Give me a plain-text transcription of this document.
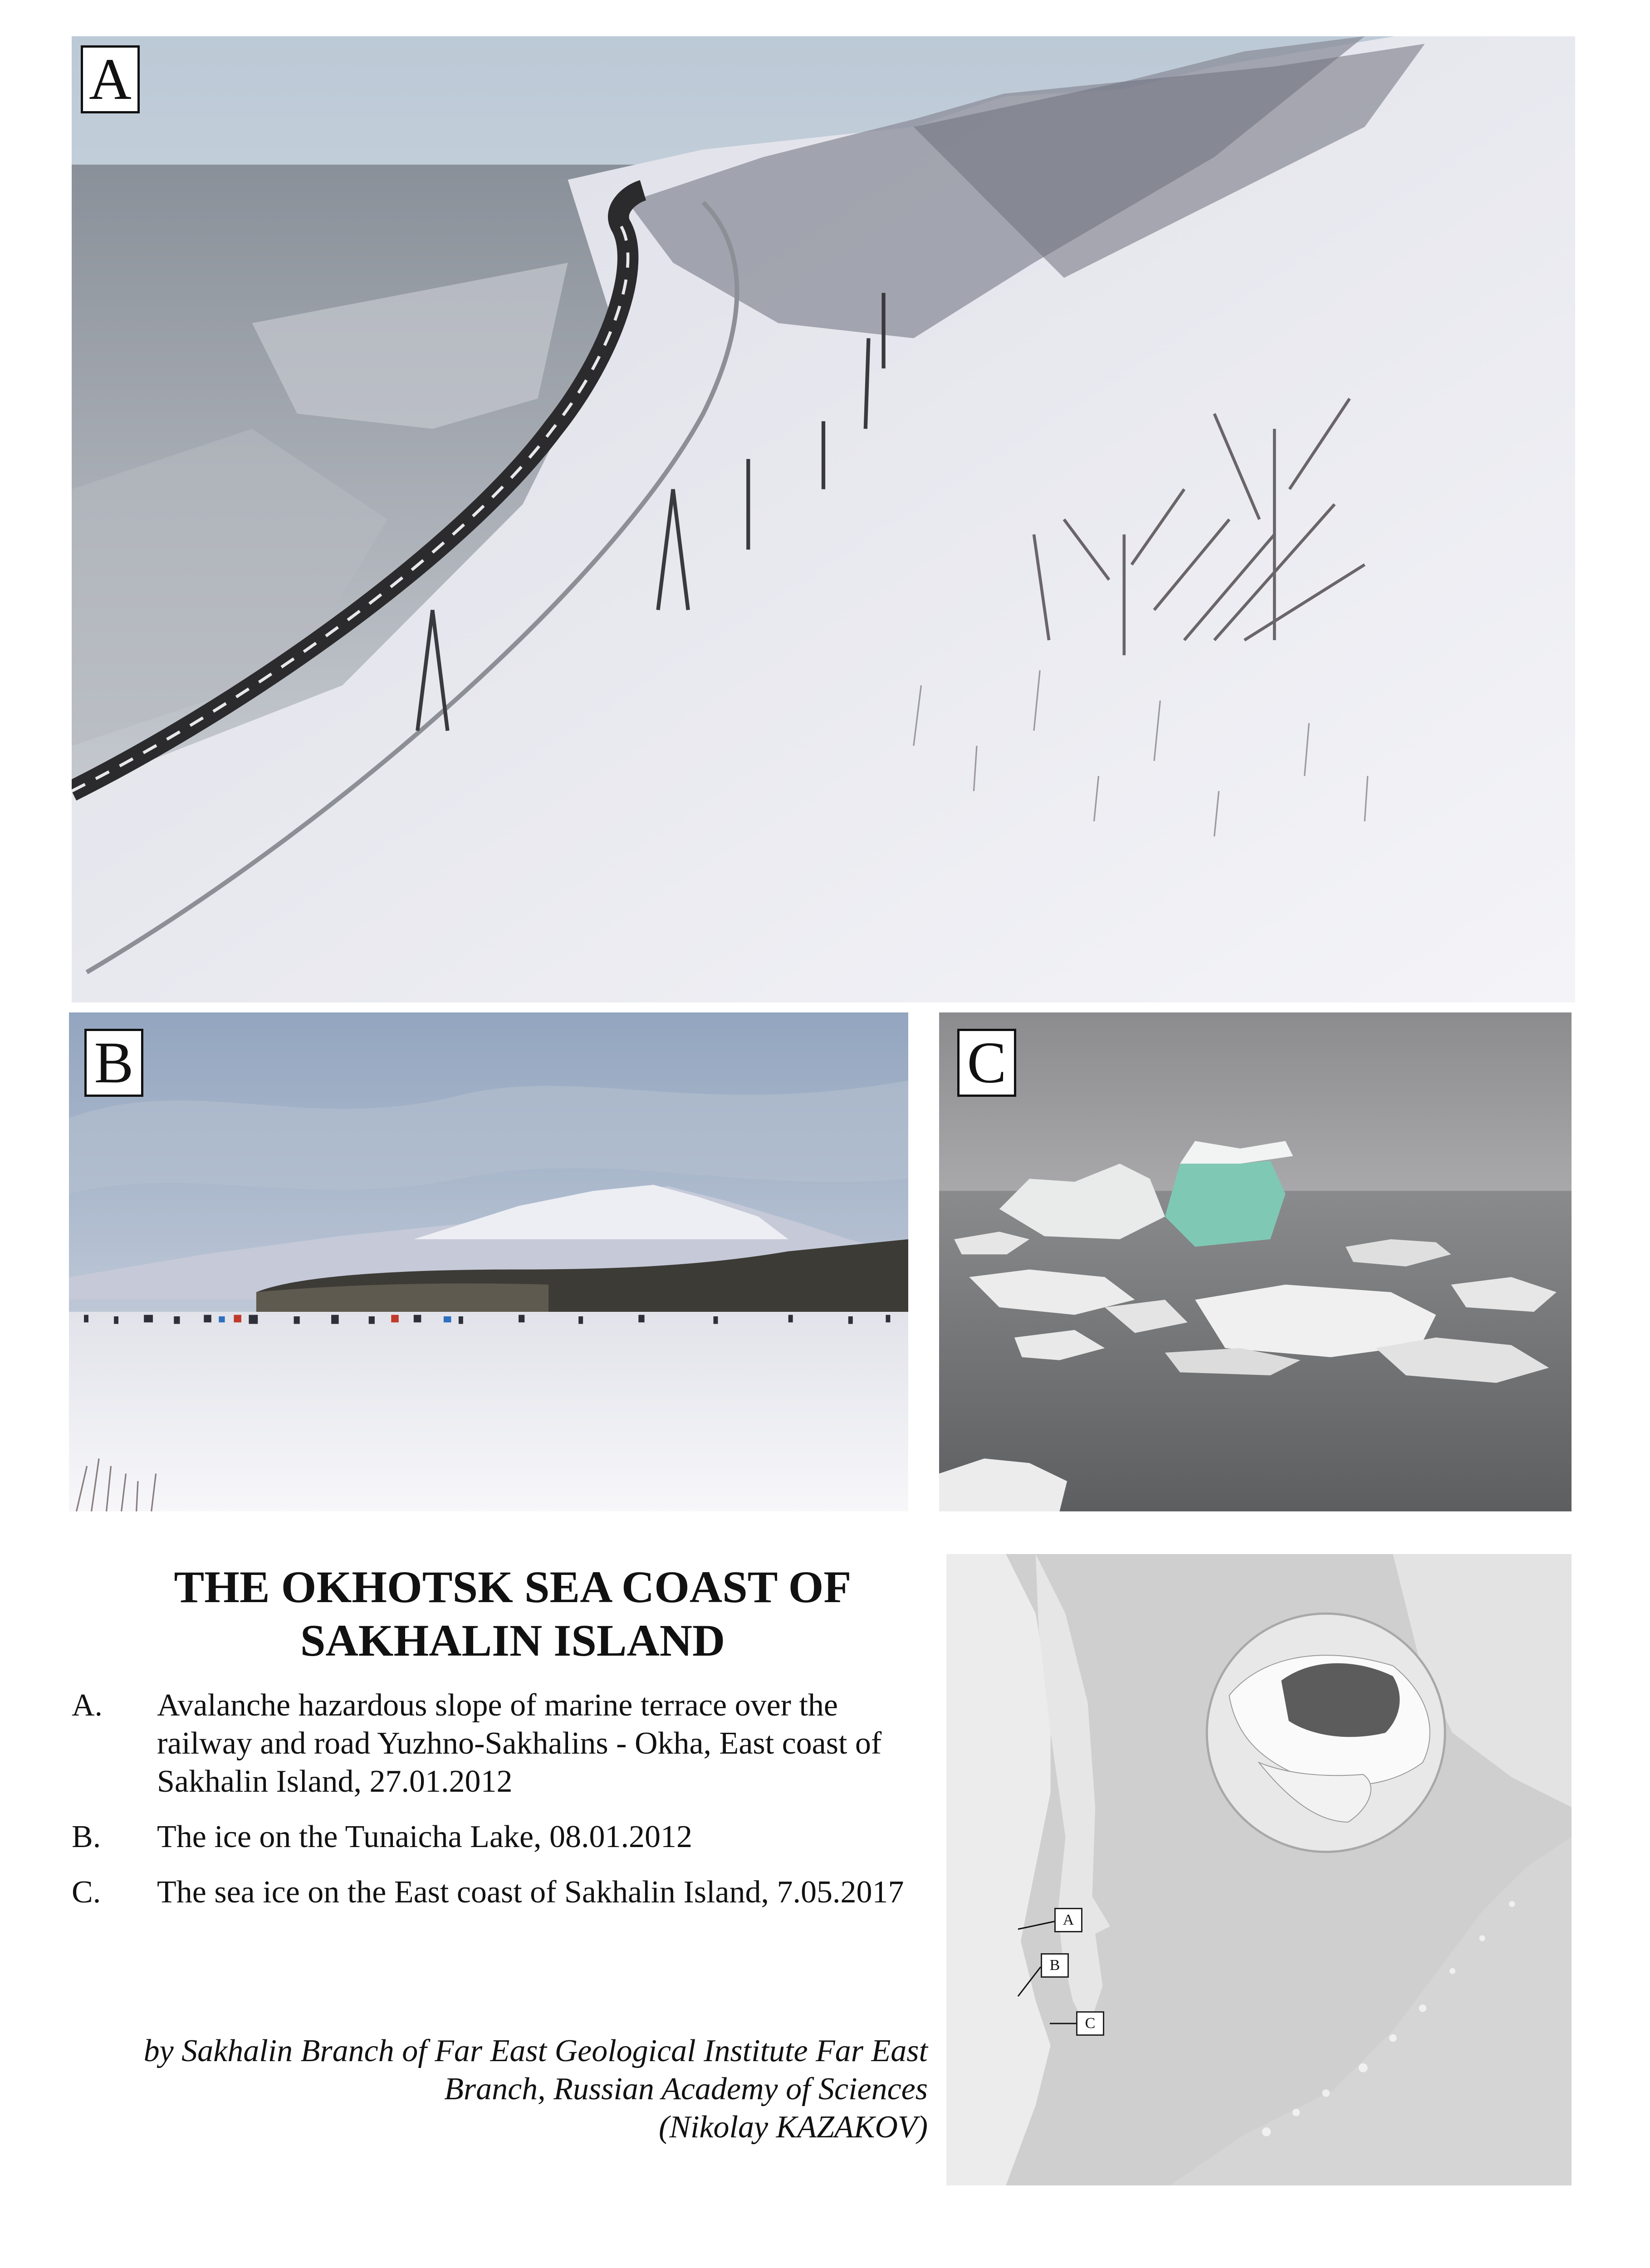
A
B	C
THE OKHOTSK SEA COAST OF
SAKHALIN ISLAND
A. Avalanche hazardous slope of marine terrace over the railway and road Yuzhno-Sakhalins - Okha, East coast of Sakhalin Island, 27.01.2012
B. The ice on the Tunaicha Lake, 08.01.2012
C. The sea ice on the East coast of Sakhalin Island, 7.05.2017
by Sakhalin Branch of Far East Geological Institute Far East
Branch, Russian Academy of Sciences
(Nikolay KAZAKOV)
A
B
C
